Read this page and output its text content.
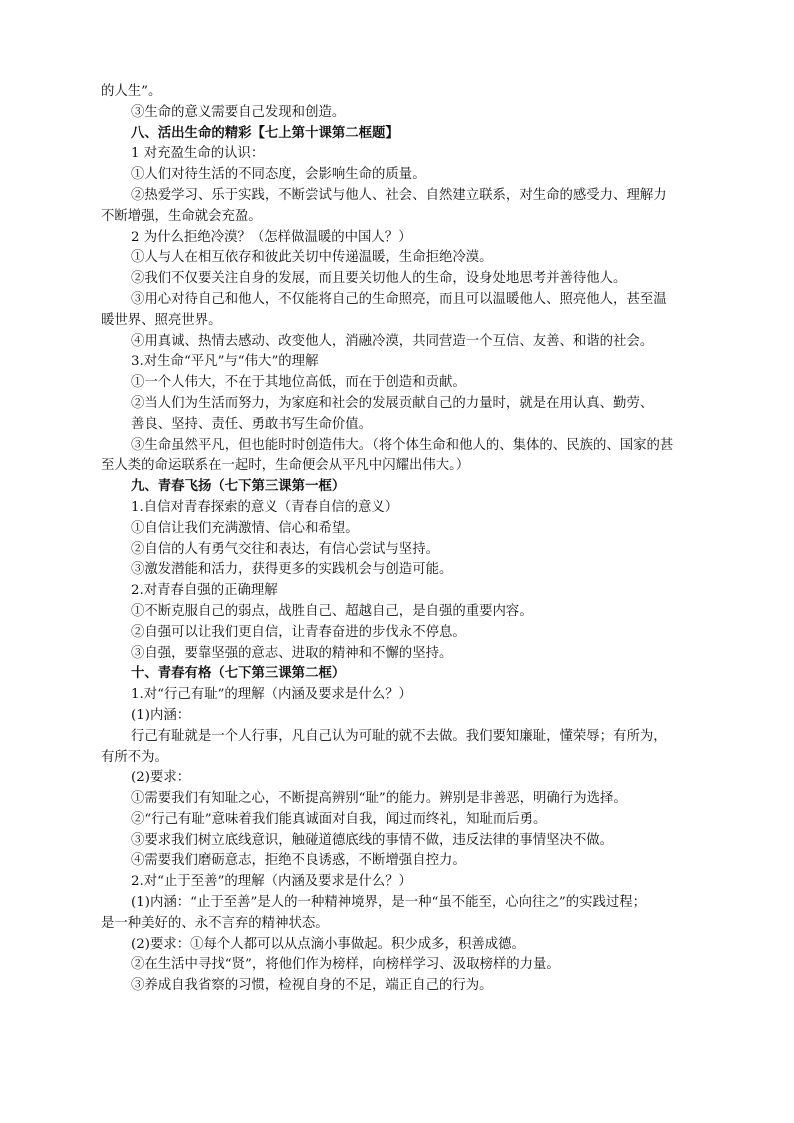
的人生”。
③生命的意义需要自己发现和创造。
八、活出生命的精彩【七上第十课第二框题】
1 对充盈生命的认识：
①人们对待生活的不同态度，会影响生命的质量。
②热爱学习、乐于实践，不断尝试与他人、社会、自然建立联系，对生命的感受力、理解力
不断增强，生命就会充盈。
2 为什么拒绝冷漠？（怎样做温暖的中国人？）
①人与人在相互依存和彼此关切中传递温暖，生命拒绝冷漠。
②我们不仅要关注自身的发展，而且要关切他人的生命，设身处地思考并善待他人。
③用心对待自己和他人，不仅能将自己的生命照亮，而且可以温暖他人、照亮他人，甚至温
暖世界、照亮世界。
④用真诚、热情去感动、改变他人，消融冷漠，共同营造一个互信、友善、和谐的社会。
3.对生命“平凡”与“伟大”的理解
①一个人伟大，不在于其地位高低，而在于创造和贡献。
②当人们为生活而努力，为家庭和社会的发展贡献自己的力量时，就是在用认真、勤劳、
善良、坚持、责任、勇敢书写生命价值。
③生命虽然平凡，但也能时时创造伟大。（将个体生命和他人的、集体的、民族的、国家的甚
至人类的命运联系在一起时，生命便会从平凡中闪耀出伟大。）
九、青春飞扬（七下第三课第一框）
1.自信对青春探索的意义（青春自信的意义）
①自信让我们充满激情、信心和希望。
②自信的人有勇气交往和表达，有信心尝试与坚持。
③激发潜能和活力，获得更多的实践机会与创造可能。
2.对青春自强的正确理解
①不断克服自己的弱点，战胜自己、超越自己，是自强的重要内容。
②自强可以让我们更自信，让青春奋进的步伐永不停息。
③自强，要靠坚强的意志、进取的精神和不懈的坚持。
十、青春有格（七下第三课第二框）
1.对“行己有耻”的理解（内涵及要求是什么？）
(1)内涵：
行己有耻就是一个人行事，凡自己认为可耻的就不去做。我们要知廉耻，懂荣辱；有所为，
有所不为。
(2)要求：
①需要我们有知耻之心，不断提高辨别“耻”的能力。辨别是非善恶，明确行为选择。
②“行己有耻”意味着我们能真诚面对自我，闻过而终礼，知耻而后勇。
③要求我们树立底线意识，触碰道德底线的事情不做，违反法律的事情坚决不做。
④需要我们磨砺意志，拒绝不良诱惑，不断增强自控力。
2.对“止于至善”的理解（内涵及要求是什么？）
(1)内涵：“止于至善”是人的一种精神境界，是一种“虽不能至，心向往之”的实践过程；
是一种美好的、永不言弃的精神状态。
(2)要求：①每个人都可以从点滴小事做起。积少成多，积善成德。
②在生活中寻找“贤”，将他们作为榜样，向榜样学习、汲取榜样的力量。
③养成自我省察的习惯，检视自身的不足，端正自己的行为。
